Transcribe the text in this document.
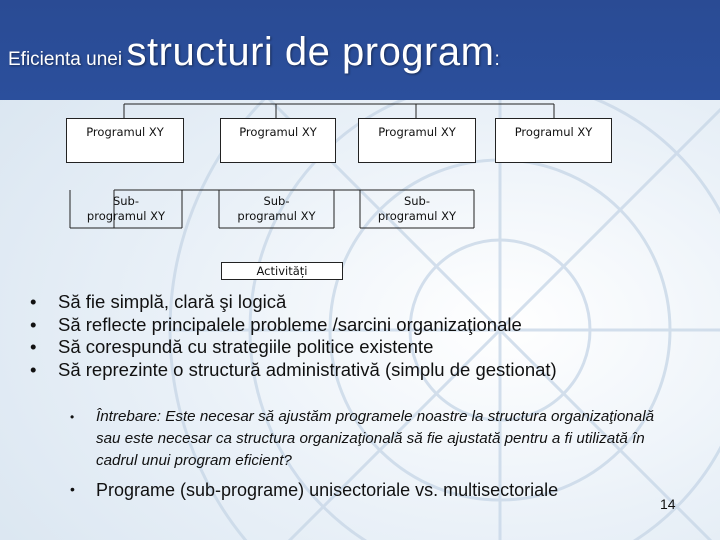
Eficienta unei structuri de program:
Programul XY	Programul XY	Programul XY	Programul XY
Sub-
programul XY
Sub-
programul XY
Sub-
programul XY
Activități
• Să fie simplă, clară şi logică
• Să reflecte principalele probleme /sarcini organizaţionale
• Să corespundă cu strategiile politice existente
• Să reprezinte o structură administrativă (simplu de gestionat)
•	Întrebare: Este necesar să ajustăm programele noastre la structura organizaţională sau este necesar ca structura organizaţională să fie ajustată pentru a fi utilizată în cadrul unui program eficient?
• Programe (sub-programe) unisectoriale vs. multisectoriale
14
